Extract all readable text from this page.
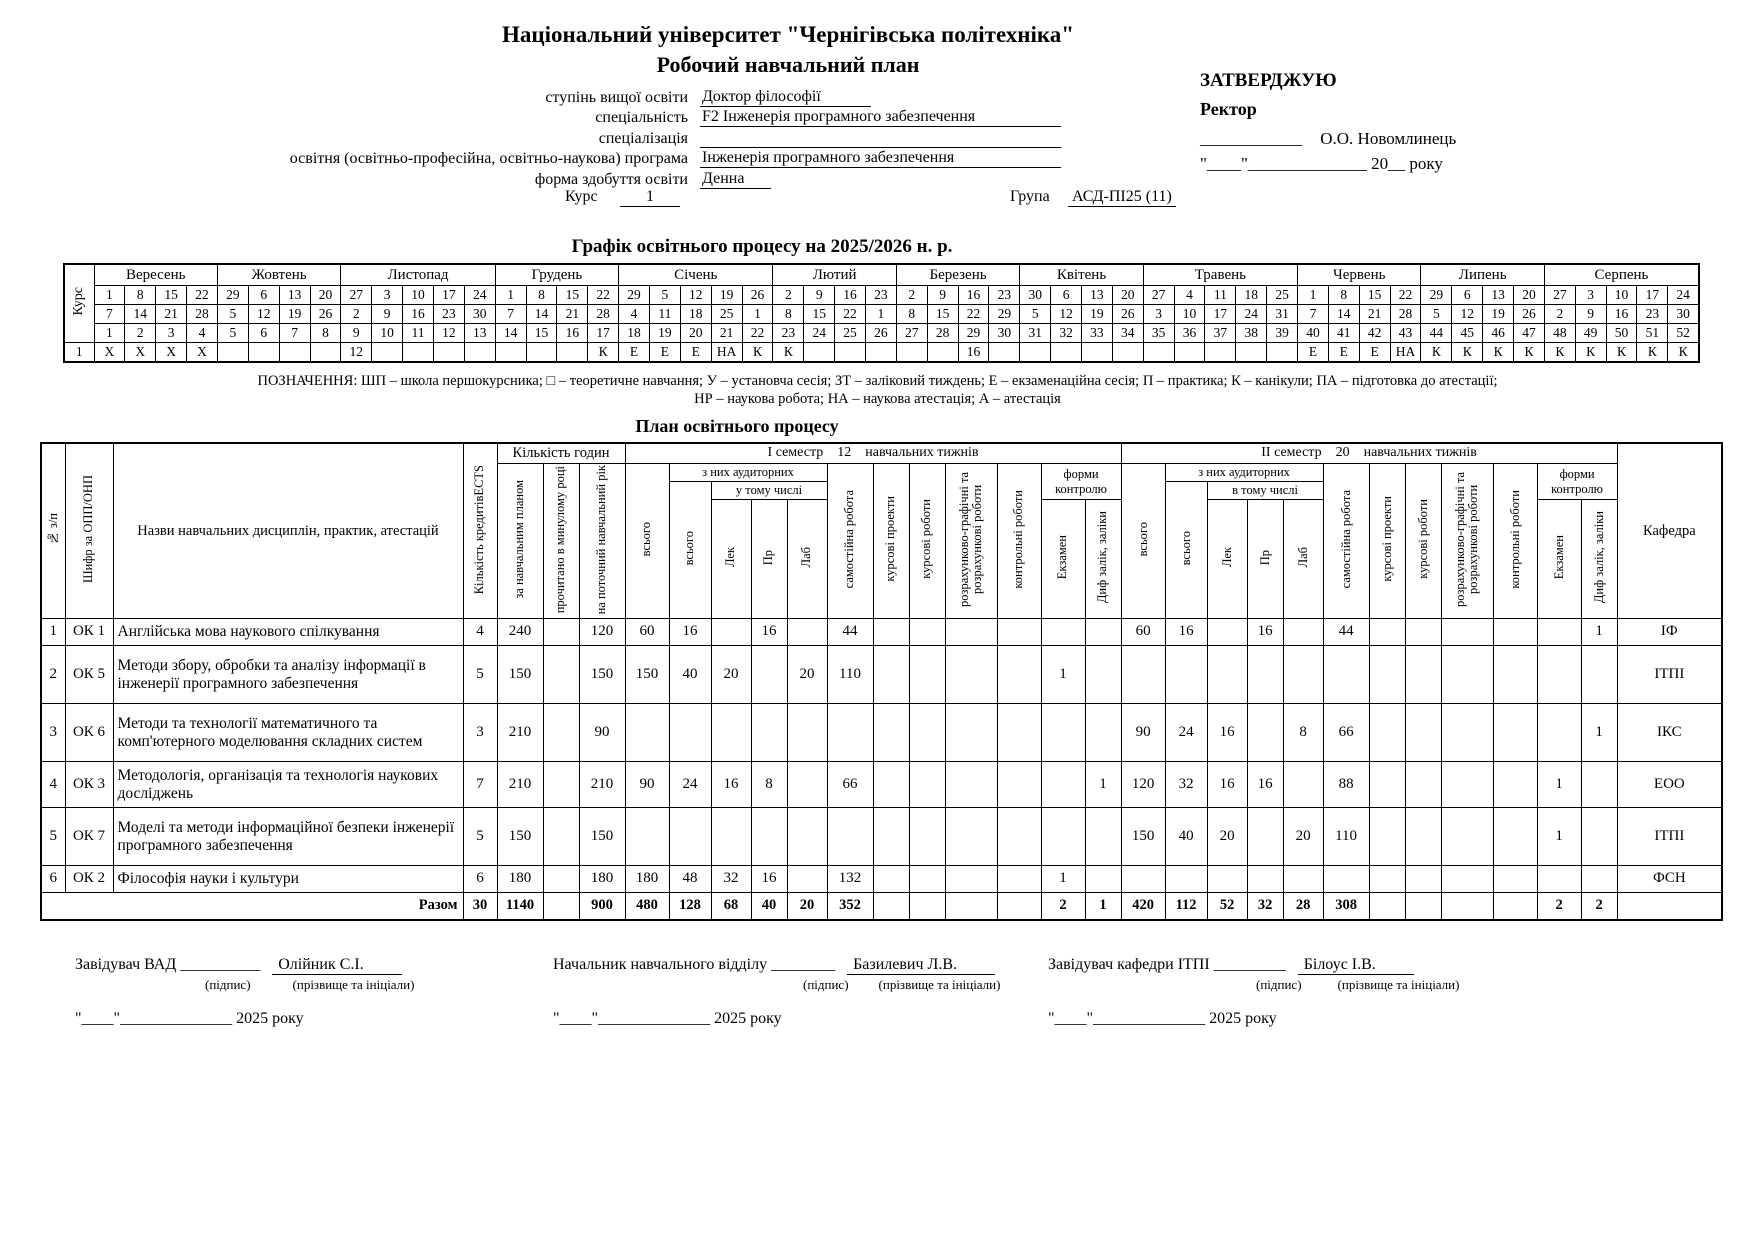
Національний університет "Чернігівська політехніка"
Робочий навчальний план
ступінь вищої освіти Доктор філософії
спеціальність F2 Інженерія програмного забезпечення
спеціалізація
освітня (освітньо-професійна, освітньо-наукова) програма Інженерія програмного забезпечення
форма здобуття освіти Денна
Курс	1	Група АСД-ПІ25 (11)
ЗАТВЕРДЖУЮ
Ректор
____________ О.О. Новомлинець
"____"______________ 20__ року
Графік освітнього процесу на 2025/2026 н. р.
Курс	Вересень				Жовтень				Листопад					Грудень				Січень					Лютий				Березень				Квітень				Травень					Червень				Липень				Серпень				
	1	8	15	22	29	6	13	20	27	3	10	17	24	1	8	15	22	29	5	12	19	26	2	9	16	23	2	9	16	23	30	6	13	20	27	4	11	18	25	1	8	15	22	29	6	13	20	27	3	10	17	24
	7	14	21	28	5	12	19	26	2	9	16	23	30	7	14	21	28	4	11	18	25	1	8	15	22	1	8	15	22	29	5	12	19	26	3	10	17	24	31	7	14	21	28	5	12	19	26	2	9	16	23	30
	1	2	3	4	5	6	7	8	9	10	11	12	13	14	15	16	17	18	19	20	21	22	23	24	25	26	27	28	29	30	31	32	33	34	35	36	37	38	39	40	41	42	43	44	45	46	47	48	49	50	51	52
1	Х	Х	Х	Х					12								К	Е	Е	Е	НА	К	К						16											Е	Е	Е	НА	К	К	К	К	К	К	К	К	К
ПОЗНАЧЕННЯ: ШП – школа першокурсника; □ – теоретичне навчання; У – установча сесія; ЗТ – заліковий тиждень; Е – екзаменаційна сесія; П – практика; К – канікули; ПА – підготовка до атестації;
НР – наукова робота; НА – наукова атестація; А – атестація
План освітнього процесу
№ з/п	Шифр за ОПП/ОНП	Назви навчальних дисциплін, практик, атестацій	Кількість кредитівECTS	Кількість годин			I семестр    12    навчальних тижнів												II семестр    20    навчальних тижнів												Кафедра
				за навчальним планом	прочитано в минулому році	на поточний навчальний рік	всього	з них аудиторних				самостійна робота	курсові проекти	курсові роботи	розрахунково-графічні та розрахункові роботи	контрольні роботи	форми контролю		всього	з них аудиторних				самостійна робота	курсові проекти	курсові роботи	розрахунково-графічні та розрахункові роботи	контрольні роботи	форми контролю		
								всього	у тому числі											всього	в тому числі										
									Лек	Пр	Лаб						Екзамен	Диф залік, заліки			Лек	Пр	Лаб						Екзамен	Диф залік, заліки	
1	ОК 1	Англійська мова наукового спілкування	4	240		120	60	16		16		44							60	16		16		44						1	ІФ
2	ОК 5	Методи збору, обробки та аналізу інформації в інженерії програмного забезпечення	5	150		150	150	40	20		20	110					1														ІТПІ
3	ОК 6	Методи та технології математичного та комп'ютерного моделювання складних систем	3	210		90													90	24	16		8	66						1	ІКС
4	ОК 3	Методологія, організація та технологія наукових досліджень	7	210		210	90	24	16	8		66						1	120	32	16	16		88					1		ЕОО
5	ОК 7	Моделі та методи інформаційної безпеки інженерії програмного забезпечення	5	150		150													150	40	20		20	110					1		ІТПІ
6	ОК 2	Філософія науки і культури	6	180		180	180	48	32	16		132					1														ФСН
Разом			30	1140		900	480	128	68	40	20	352					2	1	420	112	52	32	28	308					2	2	
Завідувач ВАД __________ Олійник С.І.
(підпис)	(прізвище та ініціали)
"____"______________ 2025 року
Начальник навчального відділу ________ Базилевич Л.В.
(підпис) (прізвище та ініціали)
"____"______________ 2025 року
Завідувач кафедри ІТПІ _________ Білоус І.В.
(підпис)	(прізвище та ініціали)
"____"______________ 2025 року
